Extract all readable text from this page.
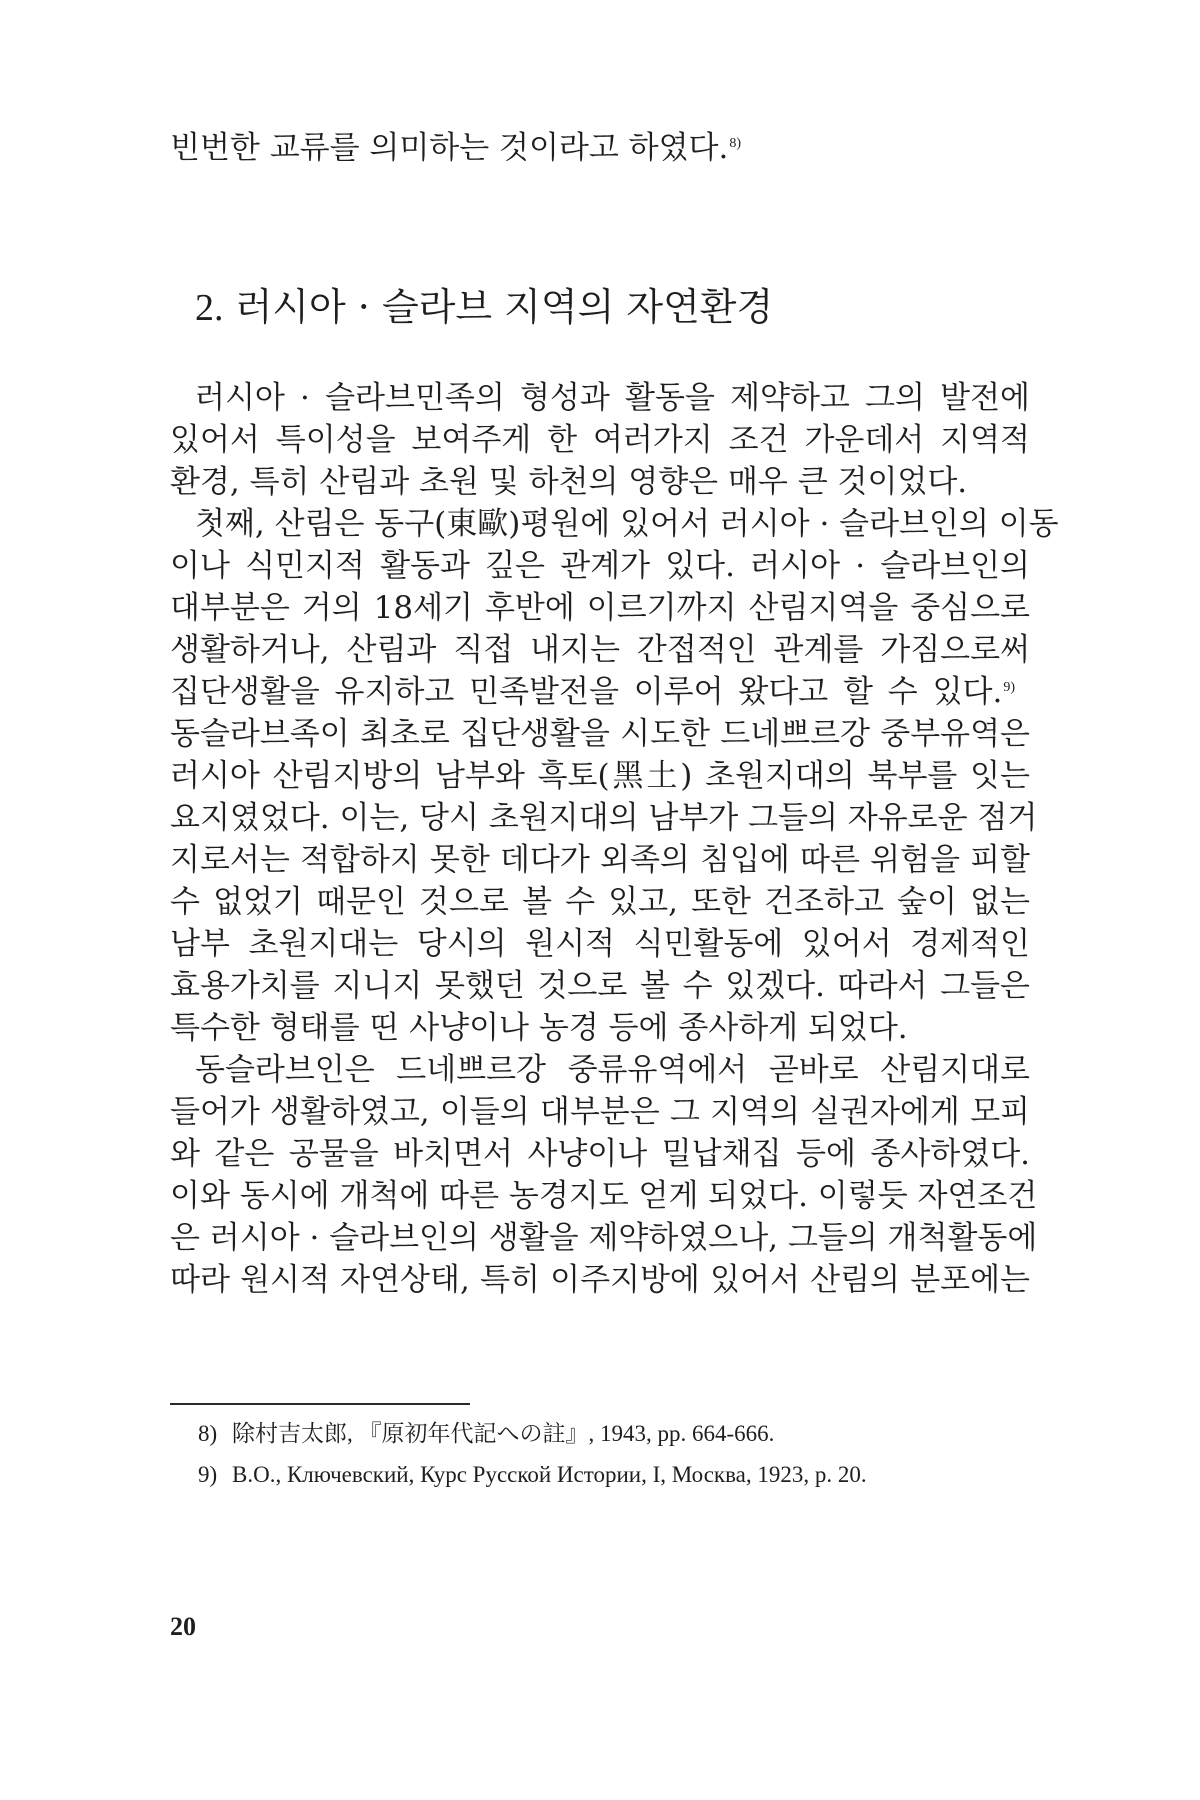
빈번한 교류를 의미하는 것이라고 하였다.$^{8)}$

2. 러시아 · 슬라브 지역의 자연환경

러시아 · 슬라브민족의 형성과 활동을 제약하고 그의 발전에

있어서 특이성을 보여주게 한 여러가지 조건 가운데서 지역적

환경, 특히 산림과 초원 및 하천의 영향은 매우 큰 것이었다.

첫째, 산림은 동구(東歐)평원에 있어서 러시아 · 슬라브인의 이동

이나 식민지적 활동과 깊은 관계가 있다. 러시아 · 슬라브인의

대부분은 거의 18세기 후반에 이르기까지 산림지역을 중심으로

생활하거나, 산림과 직접 내지는 간접적인 관계를 가짐으로써

집단생활을 유지하고 민족발전을 이루어 왔다고 할 수 있다.$^{9)}$

동슬라브족이 최초로 집단생활을 시도한 드네쁘르강 중부유역은

러시아 산림지방의 남부와 흑토(黑土) 초원지대의 북부를 잇는

요지였었다. 이는, 당시 초원지대의 남부가 그들의 자유로운 점거

지로서는 적합하지 못한 데다가 외족의 침입에 따른 위험을 피할

수 없었기 때문인 것으로 볼 수 있고, 또한 건조하고 숲이 없는

남부 초원지대는 당시의 원시적 식민활동에 있어서 경제적인

효용가치를 지니지 못했던 것으로 볼 수 있겠다. 따라서 그들은

특수한 형태를 띤 사냥이나 농경 등에 종사하게 되었다.

동슬라브인은 드네쁘르강 중류유역에서 곧바로 산림지대로

들어가 생활하였고, 이들의 대부분은 그 지역의 실권자에게 모피

와 같은 공물을 바치면서 사냥이나 밀납채집 등에 종사하였다.

이와 동시에 개척에 따른 농경지도 얻게 되었다. 이렇듯 자연조건

은 러시아 · 슬라브인의 생활을 제약하였으나, 그들의 개척활동에

따라 원시적 자연상태, 특히 이주지방에 있어서 산림의 분포에는

8) 除村吉太郎, 『原初年代記への註』, 1943, pp. 664-666.

9) B.O., Ключевский, Курс Русской Истории, I, Москва, 1923, p. 20.

20
